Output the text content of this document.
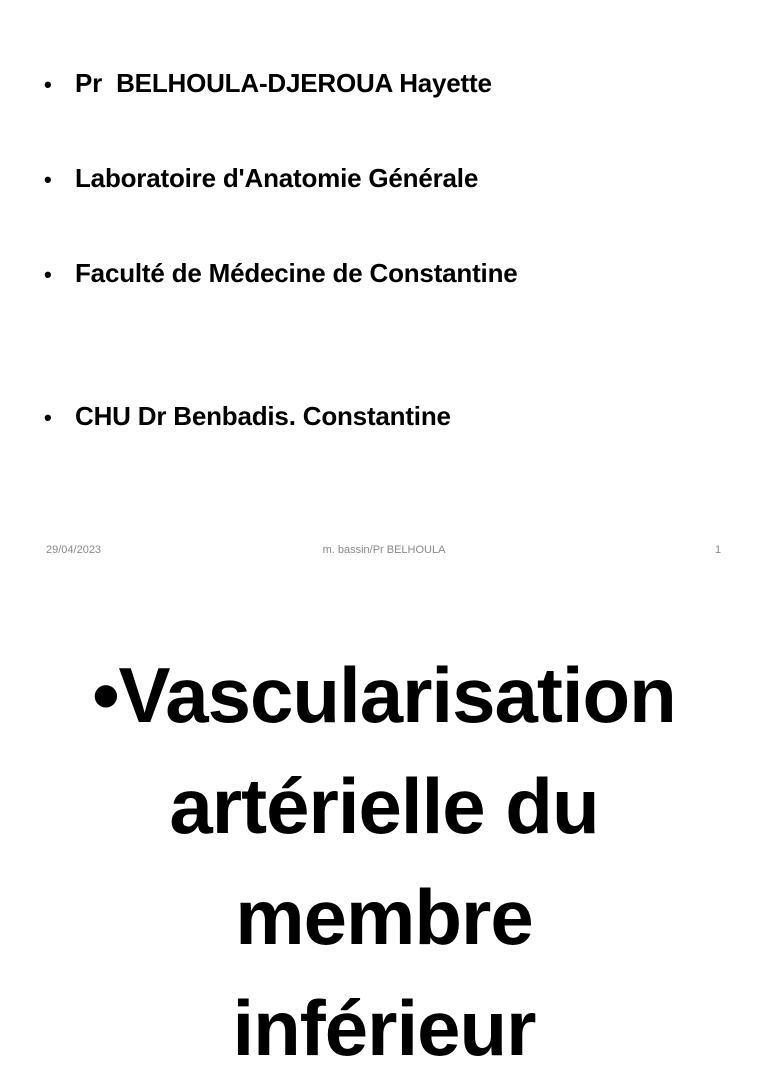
• Pr  BELHOULA-DJEROUA Hayette
• Laboratoire d'Anatomie Générale
• Faculté de Médecine de Constantine
• CHU Dr Benbadis. Constantine
29/04/2023	m. bassin/Pr BELHOULA	1
•Vascularisation
artérielle du
membre
inférieur
